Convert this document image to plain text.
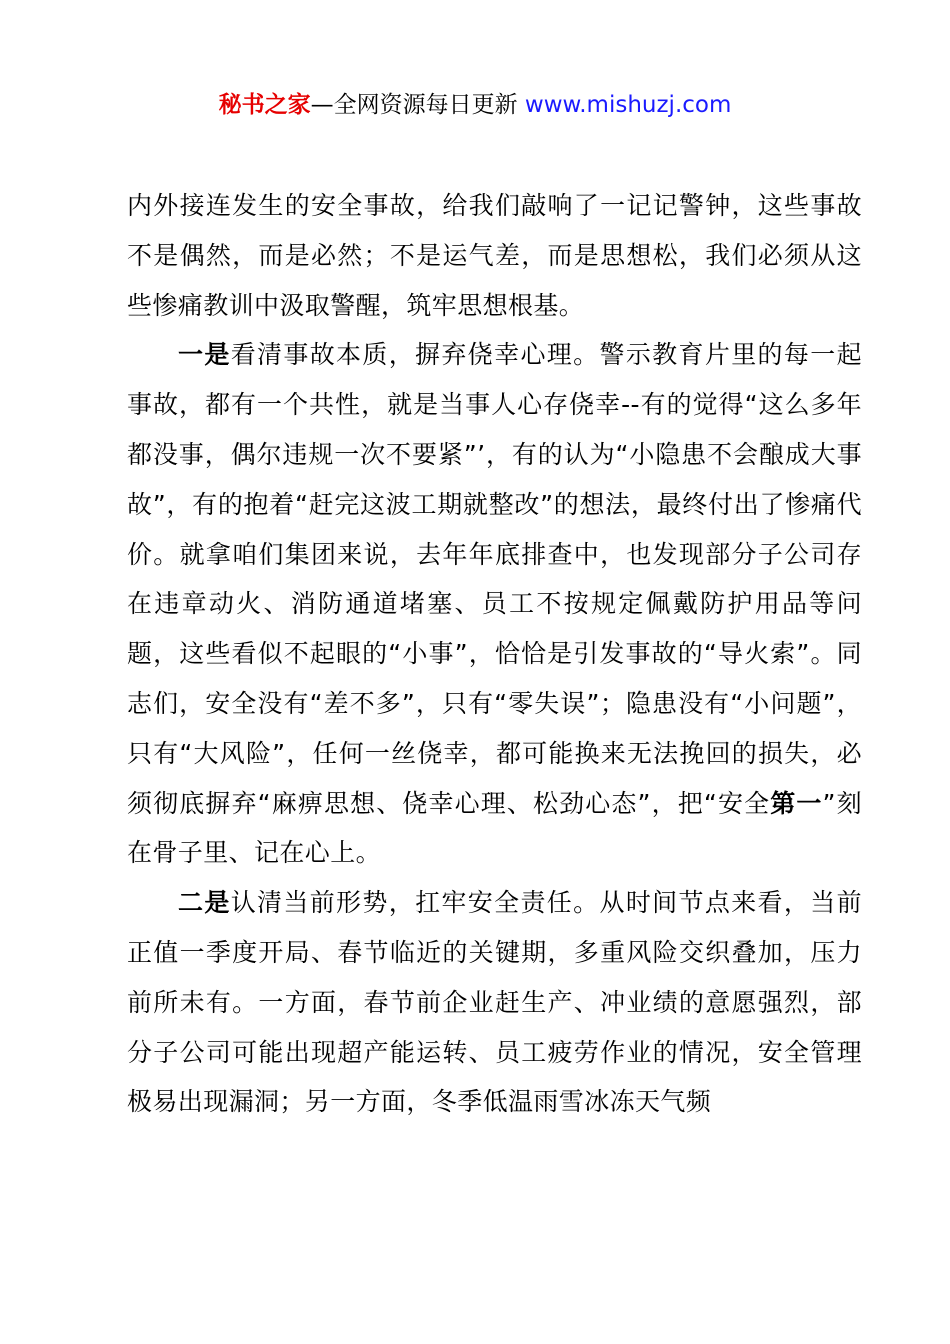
秘书之家—全网资源每日更新 www.mishuzj.com

内外接连发生的安全事故，给我们敲响了一记记警钟，这些事故不是偶然，而是必然；不是运气差，而是思想松，我们必须从这些惨痛教训中汲取警醒，筑牢思想根基。

一是看清事故本质，摒弃侥幸心理。警示教育片里的每一起事故，都有一个共性，就是当事人心存侥幸--有的觉得“这么多年都没事，偶尔违规一次不要紧”’，有的认为“小隐患不会酿成大事故”，有的抱着“赶完这波工期就整改”的想法，最终付出了惨痛代价。就拿咱们集团来说，去年年底排查中，也发现部分子公司存在违章动火、消防通道堵塞、员工不按规定佩戴防护用品等问题，这些看似不起眼的“小事”，恰恰是引发事故的“导火索”。同志们，安全没有“差不多”，只有“零失误”；隐患没有“小问题”，只有“大风险”，任何一丝侥幸，都可能换来无法挽回的损失，必须彻底摒弃“麻痹思想、侥幸心理、松劲心态”，把“安全第一”刻在骨子里、记在心上。

二是认清当前形势，扛牢安全责任。从时间节点来看，当前正值一季度开局、春节临近的关键期，多重风险交织叠加，压力前所未有。一方面，春节前企业赶生产、冲业绩的意愿强烈，部分子公司可能出现超产能运转、员工疲劳作业的情况，安全管理极易出现漏洞；另一方面，冬季低温雨雪冰冻天气频
